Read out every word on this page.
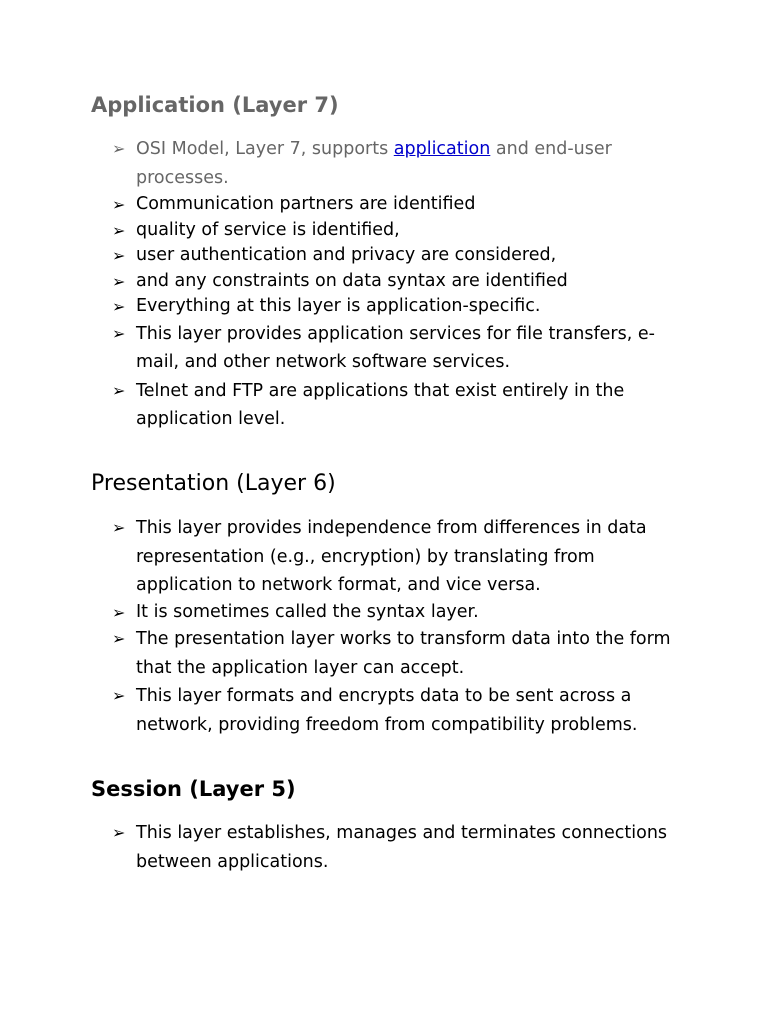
Application (Layer 7)
➢ OSI Model, Layer 7, supports application and end-user processes.
➢ Communication partners are identified
➢ quality of service is identified,
➢ user authentication and privacy are considered,
➢ and any constraints on data syntax are identified
➢ Everything at this layer is application-specific.
➢ This layer provides application services for file transfers, e-mail, and other network software services.
➢ Telnet and FTP are applications that exist entirely in the application level.
Presentation (Layer 6)
➢ This layer provides independence from differences in data representation (e.g., encryption) by translating from application to network format, and vice versa.
➢ It is sometimes called the syntax layer.
➢ The presentation layer works to transform data into the form that the application layer can accept.
➢ This layer formats and encrypts data to be sent across a network, providing freedom from compatibility problems.
Session (Layer 5)
➢ This layer establishes, manages and terminates connections between applications.
